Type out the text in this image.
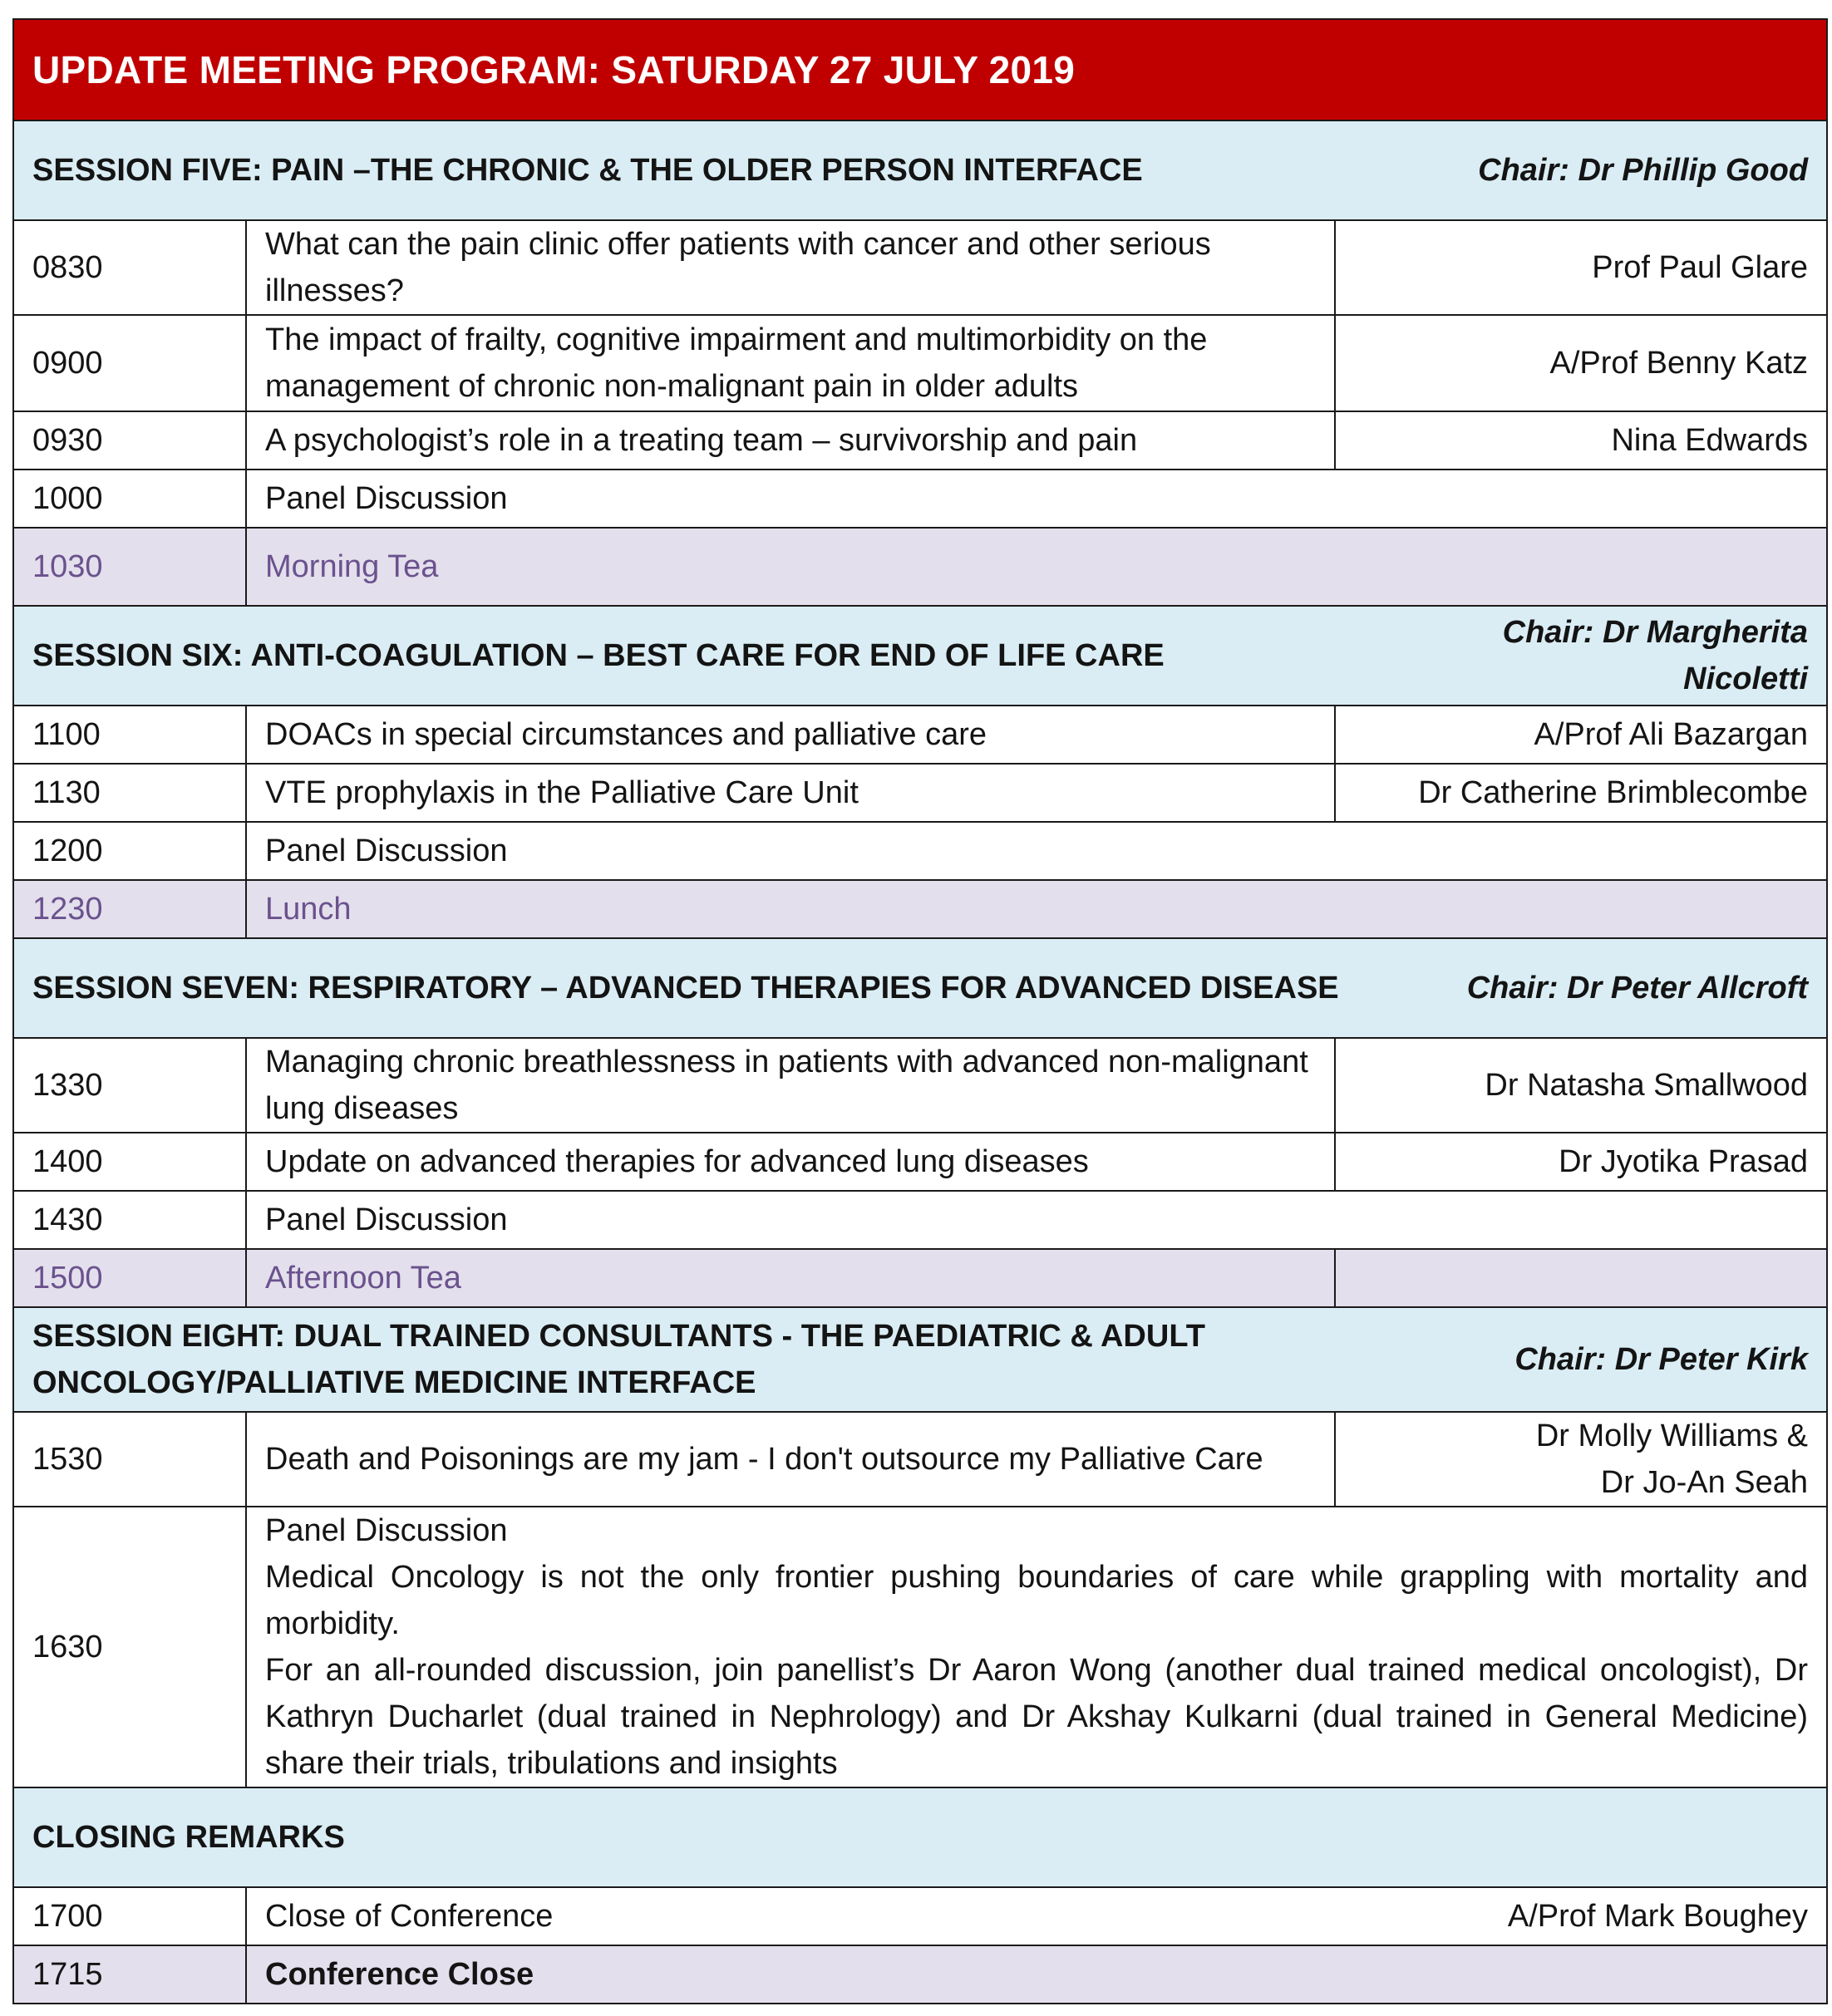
UPDATE MEETING PROGRAM: SATURDAY 27 JULY 2019		

SESSION FIVE: PAIN –THE CHRONIC & THE OLDER PERSON INTERFACE Chair: Dr Phillip Good		

0830	What can the pain clinic offer patients with cancer and other serious illnesses?	Prof Paul Glare
0900	The impact of frailty, cognitive impairment and multimorbidity on the management of chronic non-malignant pain in older adults	A/Prof Benny Katz
0930	A psychologist’s role in a treating team – survivorship and pain	Nina Edwards
1000	Panel Discussion	
1030	Morning Tea	

SESSION SIX: ANTI-COAGULATION – BEST CARE FOR END OF LIFE CARE
Chair: Dr Margherita Nicoletti		

1100	DOACs in special circumstances and palliative care	A/Prof Ali Bazargan
1130	VTE prophylaxis in the Palliative Care Unit	Dr Catherine Brimblecombe
1200	Panel Discussion	
1230	Lunch	

SESSION SEVEN: RESPIRATORY – ADVANCED THERAPIES FOR ADVANCED DISEASE Chair: Dr Peter Allcroft		

1330	Managing chronic breathlessness in patients with advanced non-malignant lung diseases	Dr Natasha Smallwood
1400	Update on advanced therapies for advanced lung diseases	Dr Jyotika Prasad
1430	Panel Discussion	
1500	Afternoon Tea	

SESSION EIGHT: DUAL TRAINED CONSULTANTS - THE PAEDIATRIC & ADULT ONCOLOGY/PALLIATIVE MEDICINE INTERFACE
Chair: Dr Peter Kirk		

1530	Death and Poisonings are my jam - I don't outsource my Palliative Care	Dr Molly Williams &
Dr Jo-An Seah

1630	Panel Discussion
Medical Oncology is not the only frontier pushing boundaries of care while grappling with mortality and morbidity.
For an all-rounded discussion, join panellist’s Dr Aaron Wong (another dual trained medical oncologist), Dr Kathryn Ducharlet (dual trained in Nephrology) and Dr Akshay Kulkarni (dual trained in General Medicine) share their trials, tribulations and insights	

CLOSING REMARKS		
1700	Close of Conference A/Prof Mark Boughey	

1715	Conference Close	
